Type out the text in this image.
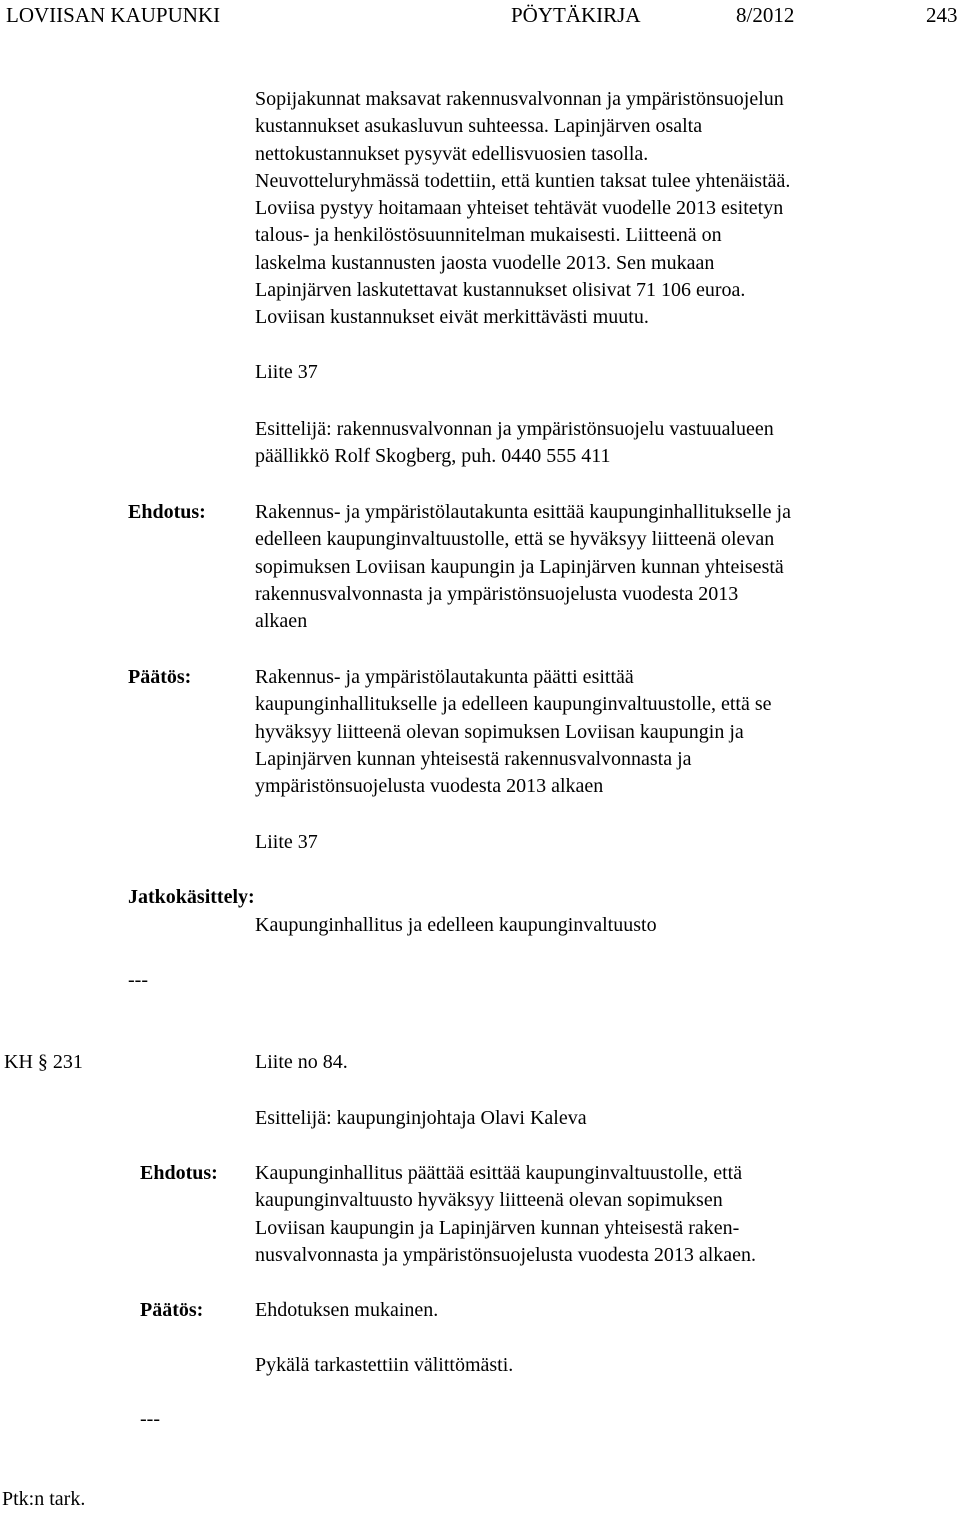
LOVIISAN KAUPUNKI	PÖYTÄKIRJA	8/2012	243
Sopijakunnat maksavat rakennusvalvonnan ja ympäristönsuojelun
kustannukset asukasluvun suhteessa. Lapinjärven osalta
nettokustannukset pysyvät edellisvuosien tasolla.
Neuvotteluryhmässä todettiin, että kuntien taksat tulee yhtenäistää.
Loviisa pystyy hoitamaan yhteiset tehtävät vuodelle 2013 esitetyn
talous- ja henkilöstösuunnitelman mukaisesti. Liitteenä on
laskelma kustannusten jaosta vuodelle 2013. Sen mukaan
Lapinjärven laskutettavat kustannukset olisivat 71 106 euroa.
Loviisan kustannukset eivät merkittävästi muutu.
Liite 37
Esittelijä: rakennusvalvonnan ja ympäristönsuojelu vastuualueen
päällikkö Rolf Skogberg, puh. 0440 555 411
Ehdotus: Rakennus- ja ympäristölautakunta esittää kaupunginhallitukselle ja
edelleen kaupunginvaltuustolle, että se hyväksyy liitteenä olevan
sopimuksen Loviisan kaupungin ja Lapinjärven kunnan yhteisestä
rakennusvalvonnasta ja ympäristönsuojelusta vuodesta 2013
alkaen
Päätös:	Rakennus- ja ympäristölautakunta päätti esittää
kaupunginhallitukselle ja edelleen kaupunginvaltuustolle, että se
hyväksyy liitteenä olevan sopimuksen Loviisan kaupungin ja
Lapinjärven kunnan yhteisestä rakennusvalvonnasta ja
ympäristönsuojelusta vuodesta 2013 alkaen
Liite 37
Jatkokäsittely:
Kaupunginhallitus ja edelleen kaupunginvaltuusto
---
KH § 231	Liite no 84.
Esittelijä: kaupunginjohtaja Olavi Kaleva
Ehdotus: Kaupunginhallitus päättää esittää kaupunginvaltuustolle, että
kaupunginvaltuusto hyväksyy liitteenä olevan sopimuksen
Loviisan kaupungin ja Lapinjärven kunnan yhteisestä raken-
nusvalvonnasta ja ympäristönsuojelusta vuodesta 2013 alkaen.
Päätös:	Ehdotuksen mukainen.
Pykälä tarkastettiin välittömästi.
---
Ptk:n tark.
